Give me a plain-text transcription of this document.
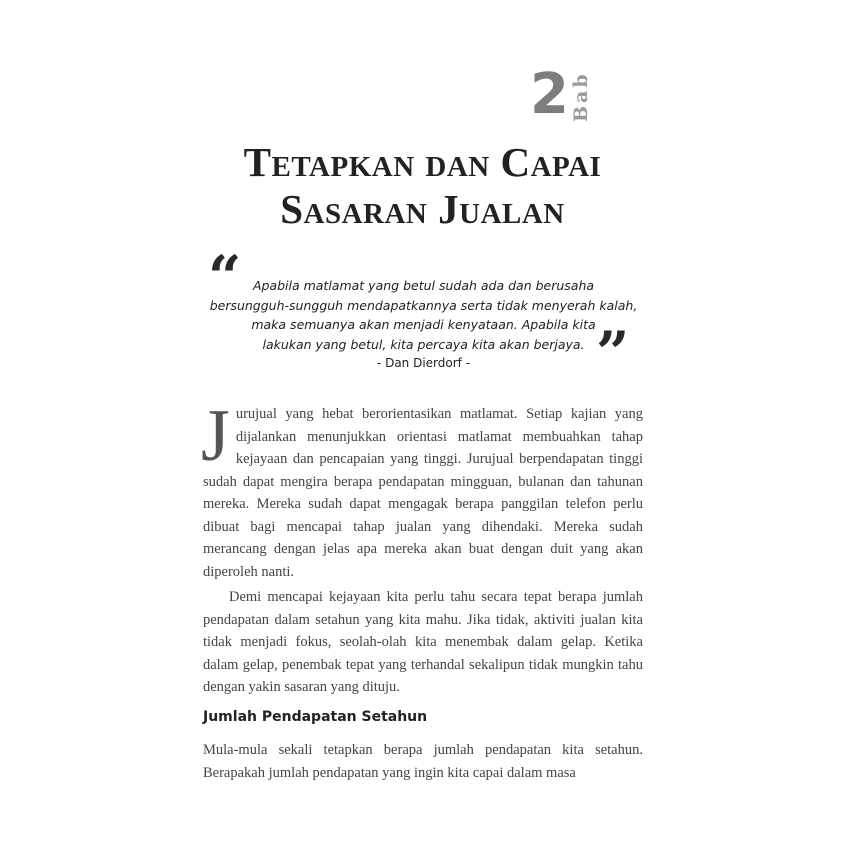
2 Bab
Tetapkan dan Capai
Sasaran Jualan
“ Apabila matlamat yang betul sudah ada dan berusaha
bersungguh-sungguh mendapatkannya serta tidak menyerah kalah,
maka semuanya akan menjadi kenyataan. Apabila kita
lakukan yang betul, kita percaya kita akan berjaya.
- Dan Dierdorf -	”

Jurujual yang hebat berorientasikan matlamat. Setiap kajian yang dijalankan menunjukkan orientasi matlamat membuahkan tahap kejayaan dan pencapaian yang tinggi. Jurujual berpendapatan tinggi sudah dapat mengira berapa pendapatan mingguan, bulanan dan tahunan mereka. Mereka sudah dapat mengagak berapa panggilan telefon perlu dibuat bagi mencapai tahap jualan yang dihendaki. Mereka sudah merancang dengan jelas apa mereka akan buat dengan duit yang akan diperoleh nanti.

Demi mencapai kejayaan kita perlu tahu secara tepat berapa jumlah pendapatan dalam setahun yang kita mahu. Jika tidak, aktiviti jualan kita tidak menjadi fokus, seolah-olah kita menembak dalam gelap. Ketika dalam gelap, penembak tepat yang terhandal sekalipun tidak mungkin tahu dengan yakin sasaran yang dituju.

Jumlah Pendapatan Setahun

Mula-mula sekali tetapkan berapa jumlah pendapatan kita setahun. Berapakah jumlah pendapatan yang ingin kita capai dalam masa
